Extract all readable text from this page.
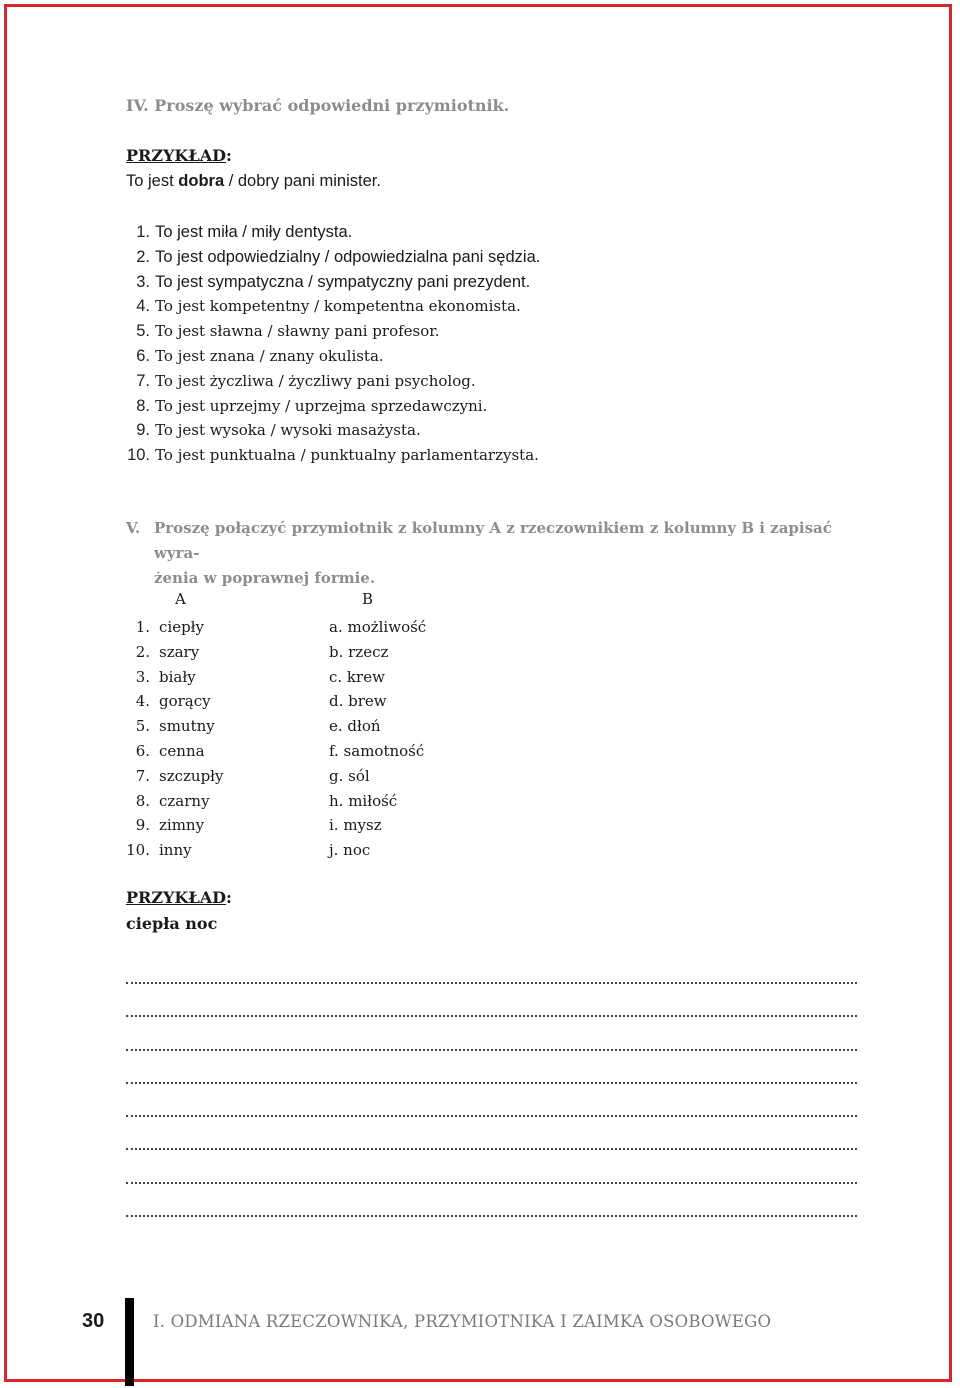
IV. Proszę wybrać odpowiedni przymiotnik.
PRZYKŁAD:
To jest dobra / dobry pani minister.
1. To jest miła / miły dentysta.
2. To jest odpowiedzialny / odpowiedzialna pani sędzia.
3. To jest sympatyczna / sympatyczny pani prezydent.
4. To jest kompetentny / kompetentna ekonomista.
5. To jest sławna / sławny pani profesor.
6. To jest znana / znany okulista.
7. To jest życzliwa / życzliwy pani psycholog.
8. To jest uprzejmy / uprzejma sprzedawczyni.
9. To jest wysoka / wysoki masażysta.
10. To jest punktualna / punktualny parlamentarzysta.
V. Proszę połączyć przymiotnik z kolumny A z rzeczownikiem z kolumny B i zapisać wyra-
żenia w poprawnej formie.
A	B
1. ciepły	a. możliwość
2. szary	b. rzecz
3. biały	c. krew
4. gorący	d. brew
5. smutny	e. dłoń
6. cenna	f. samotność
7. szczupły	g. sól
8. czarny	h. miłość
9. zimny	i. mysz
10. inny	j. noc
PRZYKŁAD:
ciepła noc
30	I. ODMIANA RZECZOWNIKA, PRZYMIOTNIKA I ZAIMKA OSOBOWEGO
